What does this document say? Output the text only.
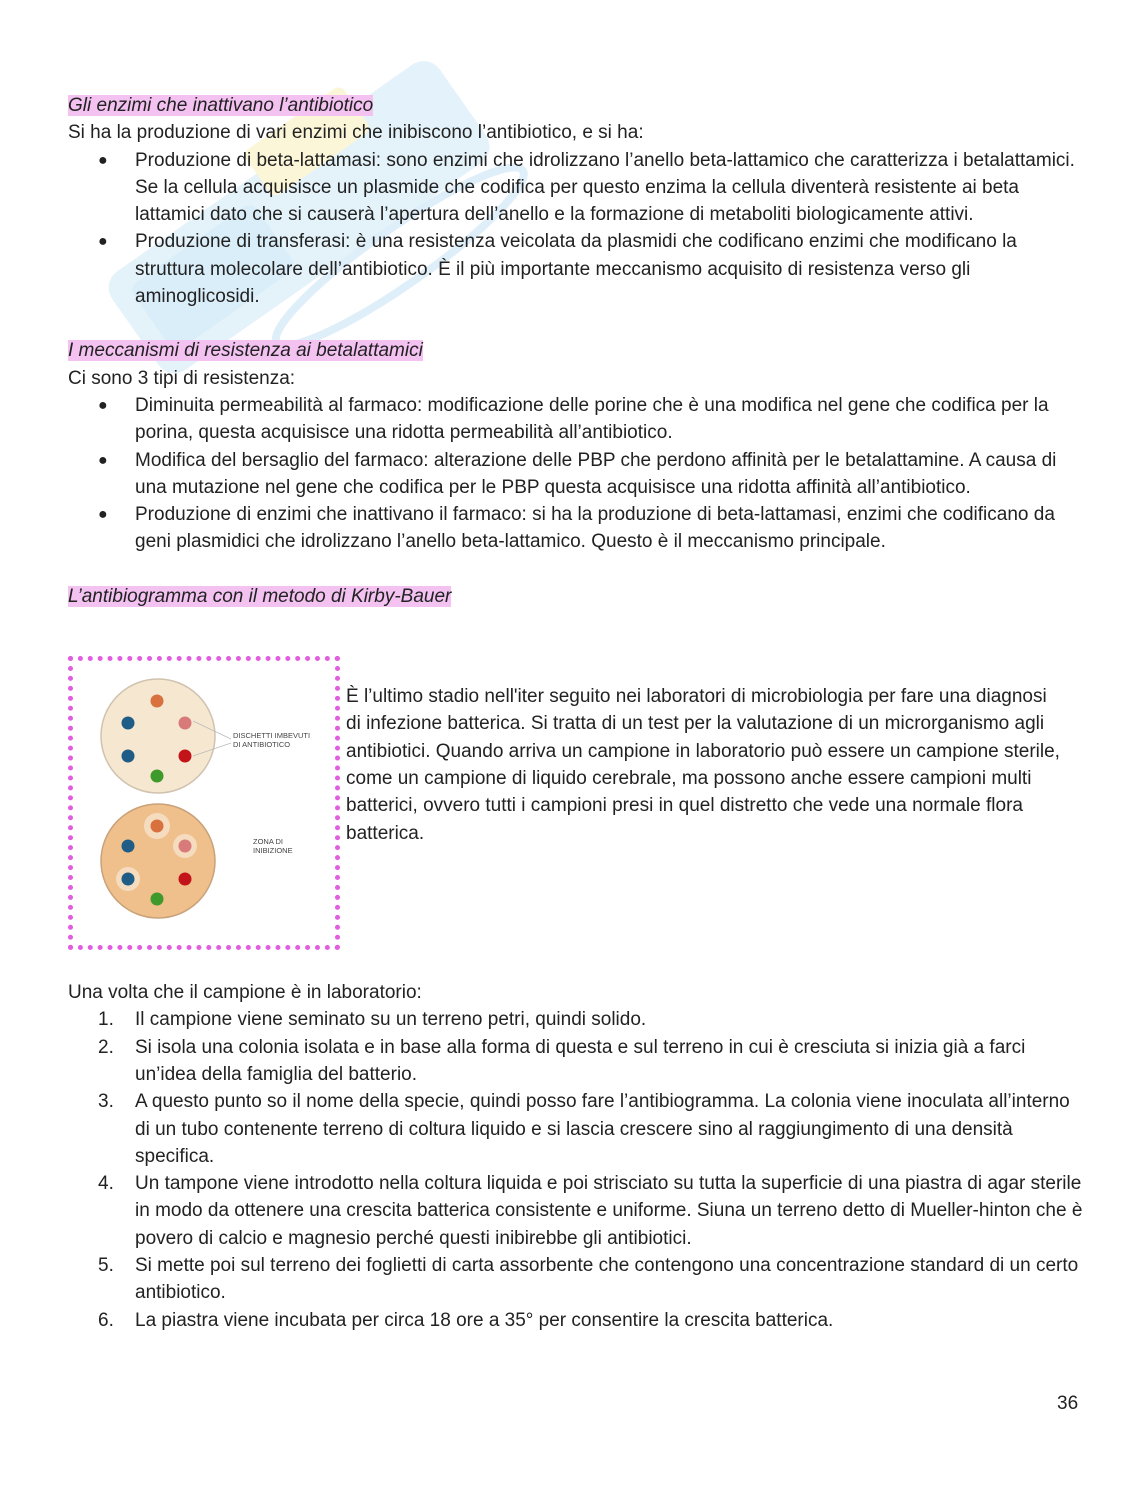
Gli enzimi che inattivano l’antibiotico

Si ha la produzione di vari enzimi che inibiscono l’antibiotico, e si ha:

● Produzione di beta-lattamasi: sono enzimi che idrolizzano l’anello beta-lattamico che caratterizza i betalattamici. Se la cellula acquisisce un plasmide che codifica per questo enzima la cellula diventerà resistente ai beta lattamici dato che si causerà l’apertura dell’anello e la formazione di metaboliti biologicamente attivi.
● Produzione di transferasi: è una resistenza veicolata da plasmidi che codificano enzimi che modificano la struttura molecolare dell’antibiotico. È il più importante meccanismo acquisito di resistenza verso gli aminoglicosidi.
I meccanismi di resistenza ai betalattamici

Ci sono 3 tipi di resistenza:

● Diminuita permeabilità al farmaco: modificazione delle porine che è una modifica nel gene che codifica per la porina, questa acquisisce una ridotta permeabilità all’antibiotico.
● Modifica del bersaglio del farmaco: alterazione delle PBP che perdono affinità per le betalattamine. A causa di una mutazione nel gene che codifica per le PBP questa acquisisce una ridotta affinità all’antibiotico.
● Produzione di enzimi che inattivano il farmaco: si ha la produzione di beta-lattamasi, enzimi che codificano da geni plasmidici che idrolizzano l’anello beta-lattamico. Questo è il meccanismo principale.
L’antibiogramma con il metodo di Kirby-Bauer
DISCHETTI IMBEVUTI
DI ANTIBIOTICO
ZONA DI
INIBIZIONE

È l’ultimo stadio nell'iter seguito nei laboratori di microbiologia per fare una diagnosi di infezione batterica. Si tratta di un test per la valutazione di un microrganismo agli antibiotici. Quando arriva un campione in laboratorio può essere un campione sterile, come un campione di liquido cerebrale, ma possono anche essere campioni multi batterici, ovvero tutti i campioni presi in quel distretto che vede una normale flora batterica.

Una volta che il campione è in laboratorio:

1. Il campione viene seminato su un terreno petri, quindi solido.
2. Si isola una colonia isolata e in base alla forma di questa e sul terreno in cui è cresciuta si inizia già a farci un’idea della famiglia del batterio.
3. A questo punto so il nome della specie, quindi posso fare l’antibiogramma. La colonia viene inoculata all’interno di un tubo contenente terreno di coltura liquido e si lascia crescere sino al raggiungimento di una densità specifica.
4. Un tampone viene introdotto nella coltura liquida e poi strisciato su tutta la superficie di una piastra di agar sterile in modo da ottenere una crescita batterica consistente e uniforme. Siuna un terreno detto di Mueller-hinton che è povero di calcio e magnesio perché questi inibirebbe gli antibiotici.
5. Si mette poi sul terreno dei foglietti di carta assorbente che contengono una concentrazione standard di un certo antibiotico.
6. La piastra viene incubata per circa 18 ore a 35° per consentire la crescita batterica.
36
